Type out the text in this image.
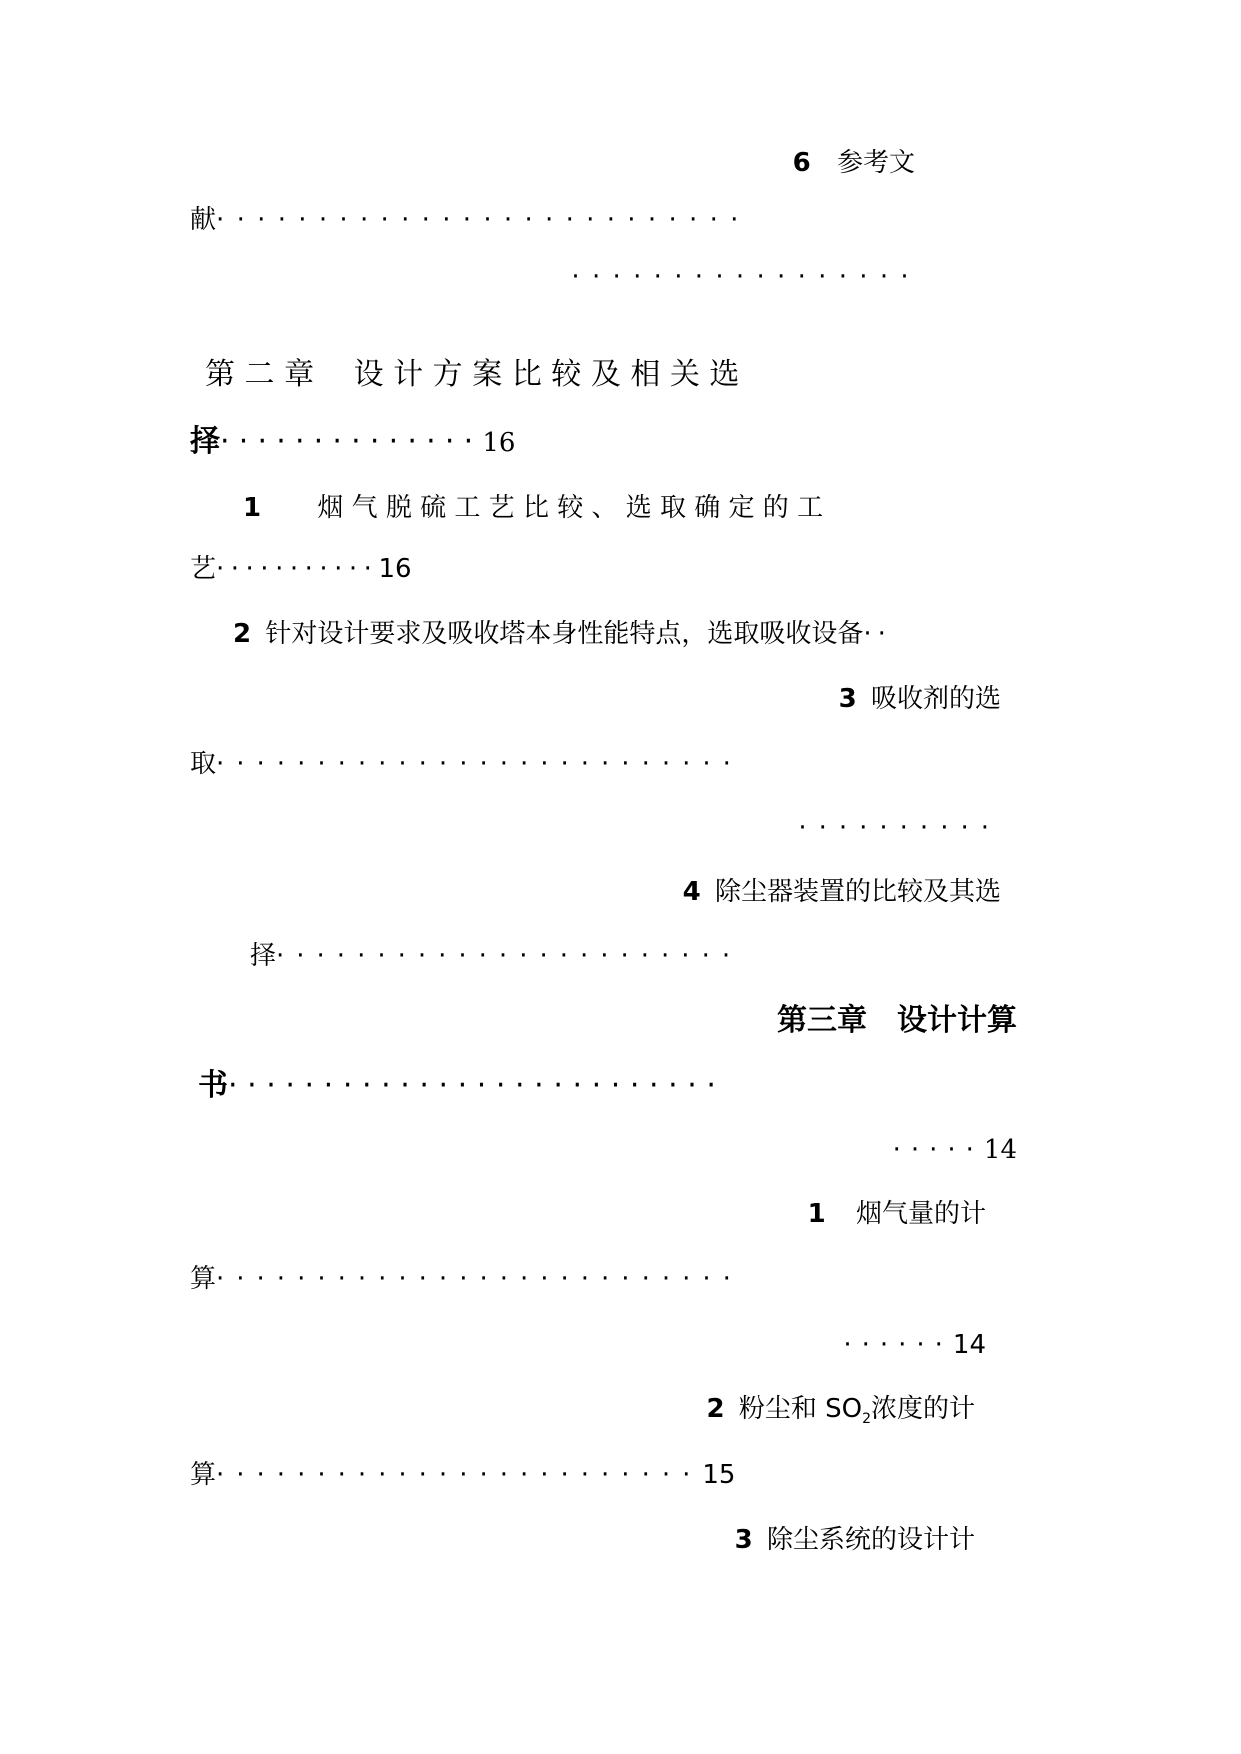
6 参考文
献··························
·················
第 二 章　 设 计 方 案 比 较 及 相 关 选
择··············16
1 烟 气 脱 硫 工 艺 比 较 、 选 取 确 定 的 工
艺···········16
2 针对设计要求及吸收塔本身性能特点，选取吸收设备··
3 吸收剂的选
取··························
··········
4 除尘器装置的比较及其选
择·······················
第三章　设计计算
书··························
·····14
1 烟气量的计
算··························
······14
2 粉尘和 $SO_2$浓度的计
算························15
3 除尘系统的设计计
